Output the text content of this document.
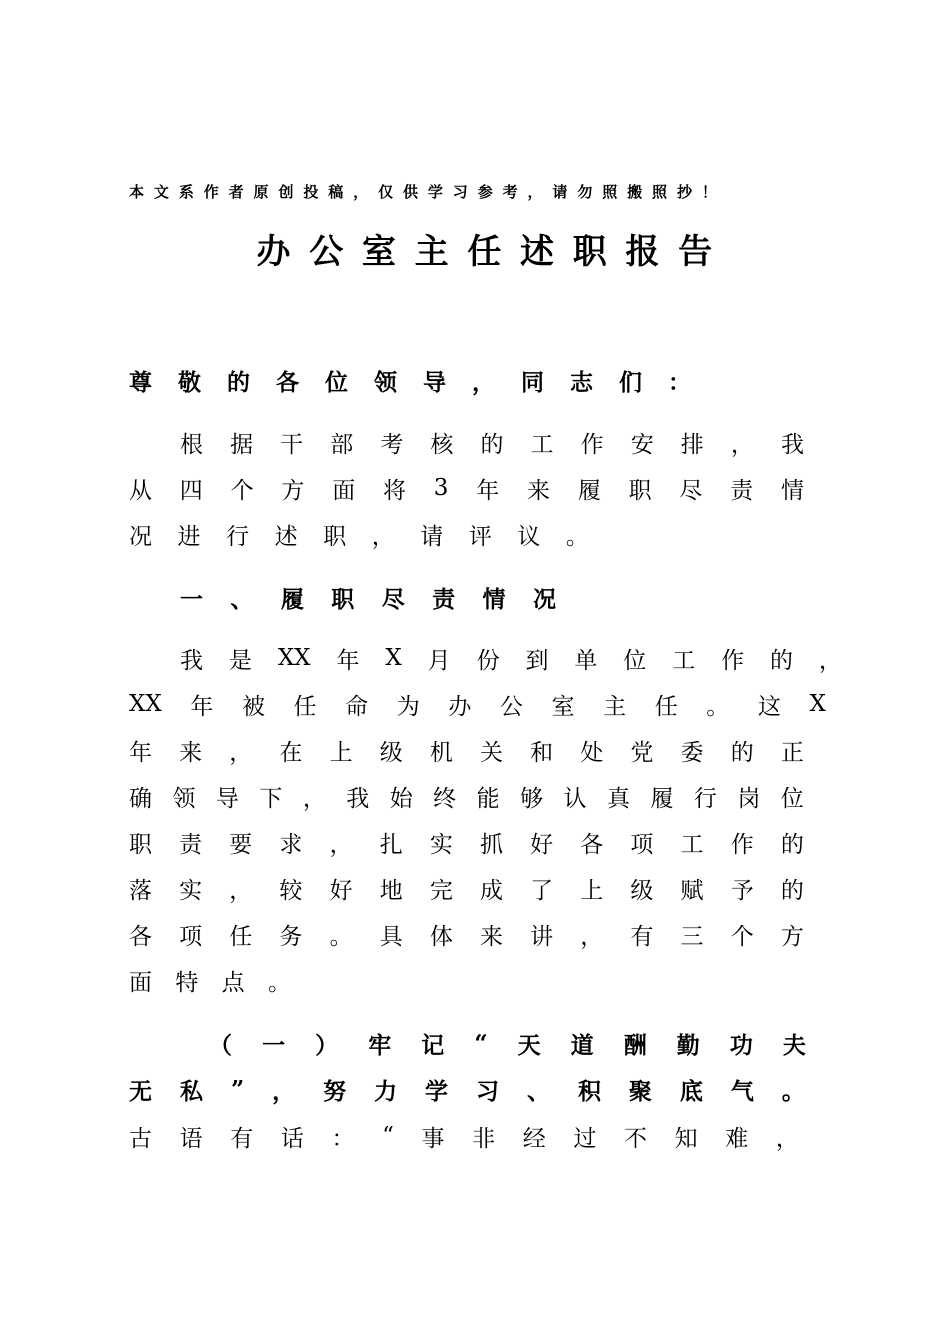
本 文 系 作 者 原 创 投 稿 ， 仅 供 学 习 参 考 ， 请 勿 照 搬 照 抄 ！
办公室主任述职报告
尊 敬 的 各 位 领 导 ， 同 志 们 ：
根 据 干 部 考 核 的 工 作 安 排 ， 我
从 四 个 方 面 将 3 年 来 履 职 尽 责 情
况 进 行 述 职 ， 请 评 议 。
一 、 履 职 尽 责 情 况
我 是 XX 年 X 月 份 到 单 位 工 作 的 ，
XX 年 被 任 命 为 办 公 室 主 任 。 这 X
年 来 ， 在 上 级 机 关 和 处 党 委 的 正
确 领 导 下 ， 我 始 终 能 够 认 真 履 行 岗 位
职 责 要 求 ， 扎 实 抓 好 各 项 工 作 的
落 实 ， 较 好 地 完 成 了 上 级 赋 予 的
各 项 任 务 。 具 体 来 讲 ， 有 三 个 方
面 特 点 。
（ 一 ） 牢 记 “ 天 道 酬 勤 功 夫
无 私 ” ， 努 力 学 习 、 积 聚 底 气 。
古 语 有 话 ： “ 事 非 经 过 不 知 难 ，
